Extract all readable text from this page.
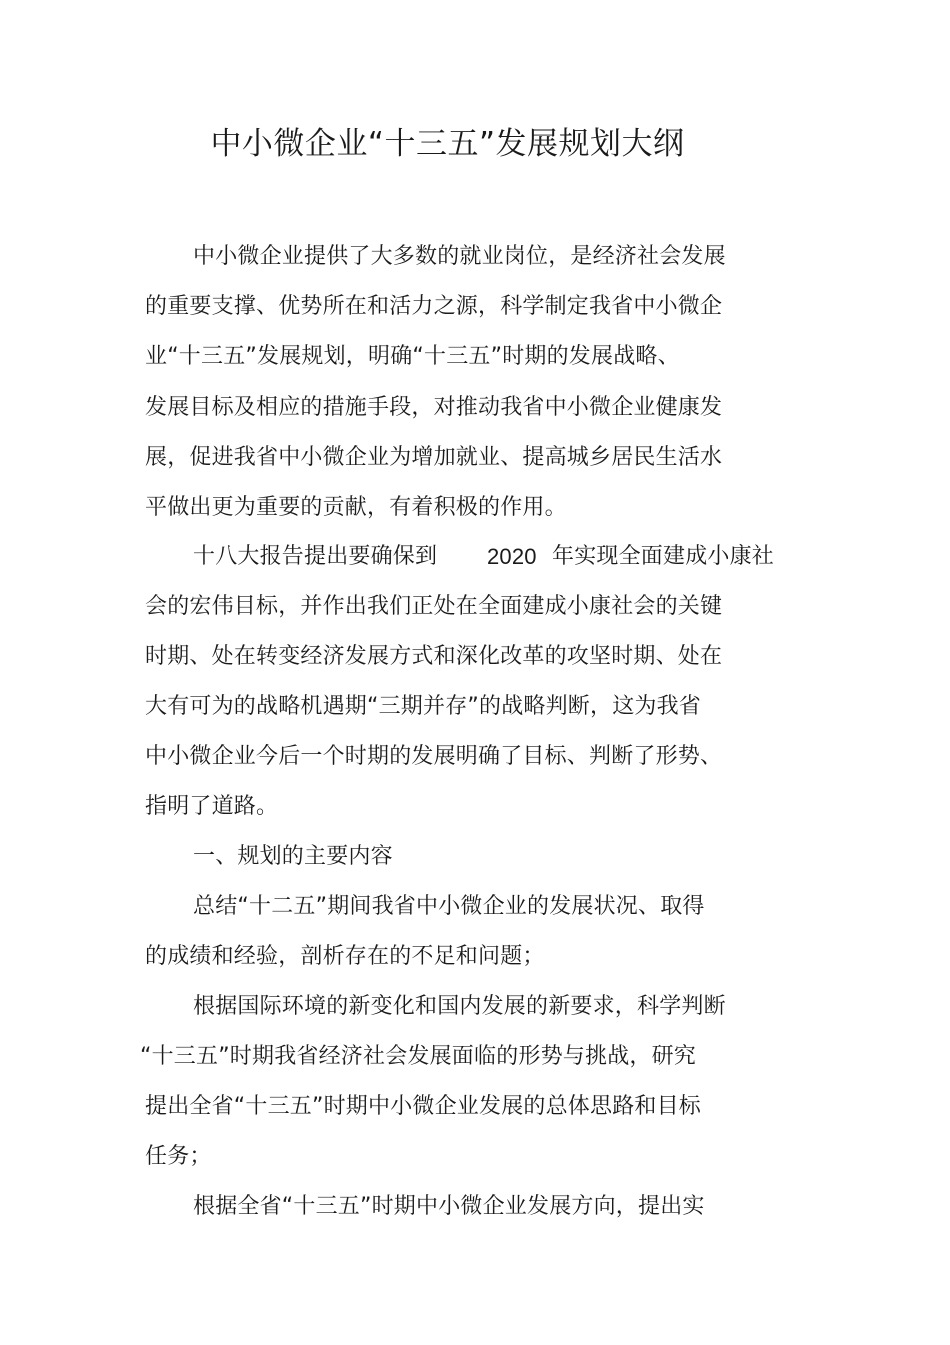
中小微企业“十三五”发展规划大纲
中小微企业提供了大多数的就业岗位，是经济社会发展
的重要支撑、优势所在和活力之源，科学制定我省中小微企
业“十三五”发展规划，明确“十三五”时期的发展战略、
发展目标及相应的措施手段，对推动我省中小微企业健康发
展，促进我省中小微企业为增加就业、提高城乡居民生活水
平做出更为重要的贡献，有着积极的作用。
十八大报告提出要确保到 2020 年实现全面建成小康社
会的宏伟目标，并作出我们正处在全面建成小康社会的关键
时期、处在转变经济发展方式和深化改革的攻坚时期、处在
大有可为的战略机遇期“三期并存”的战略判断，这为我省
中小微企业今后一个时期的发展明确了目标、判断了形势、
指明了道路。
一、规划的主要内容
总结“十二五”期间我省中小微企业的发展状况、取得
的成绩和经验，剖析存在的不足和问题；
根据国际环境的新变化和国内发展的新要求，科学判断
“十三五”时期我省经济社会发展面临的形势与挑战，研究
提出全省“十三五”时期中小微企业发展的总体思路和目标
任务；
根据全省“十三五”时期中小微企业发展方向，提出实
